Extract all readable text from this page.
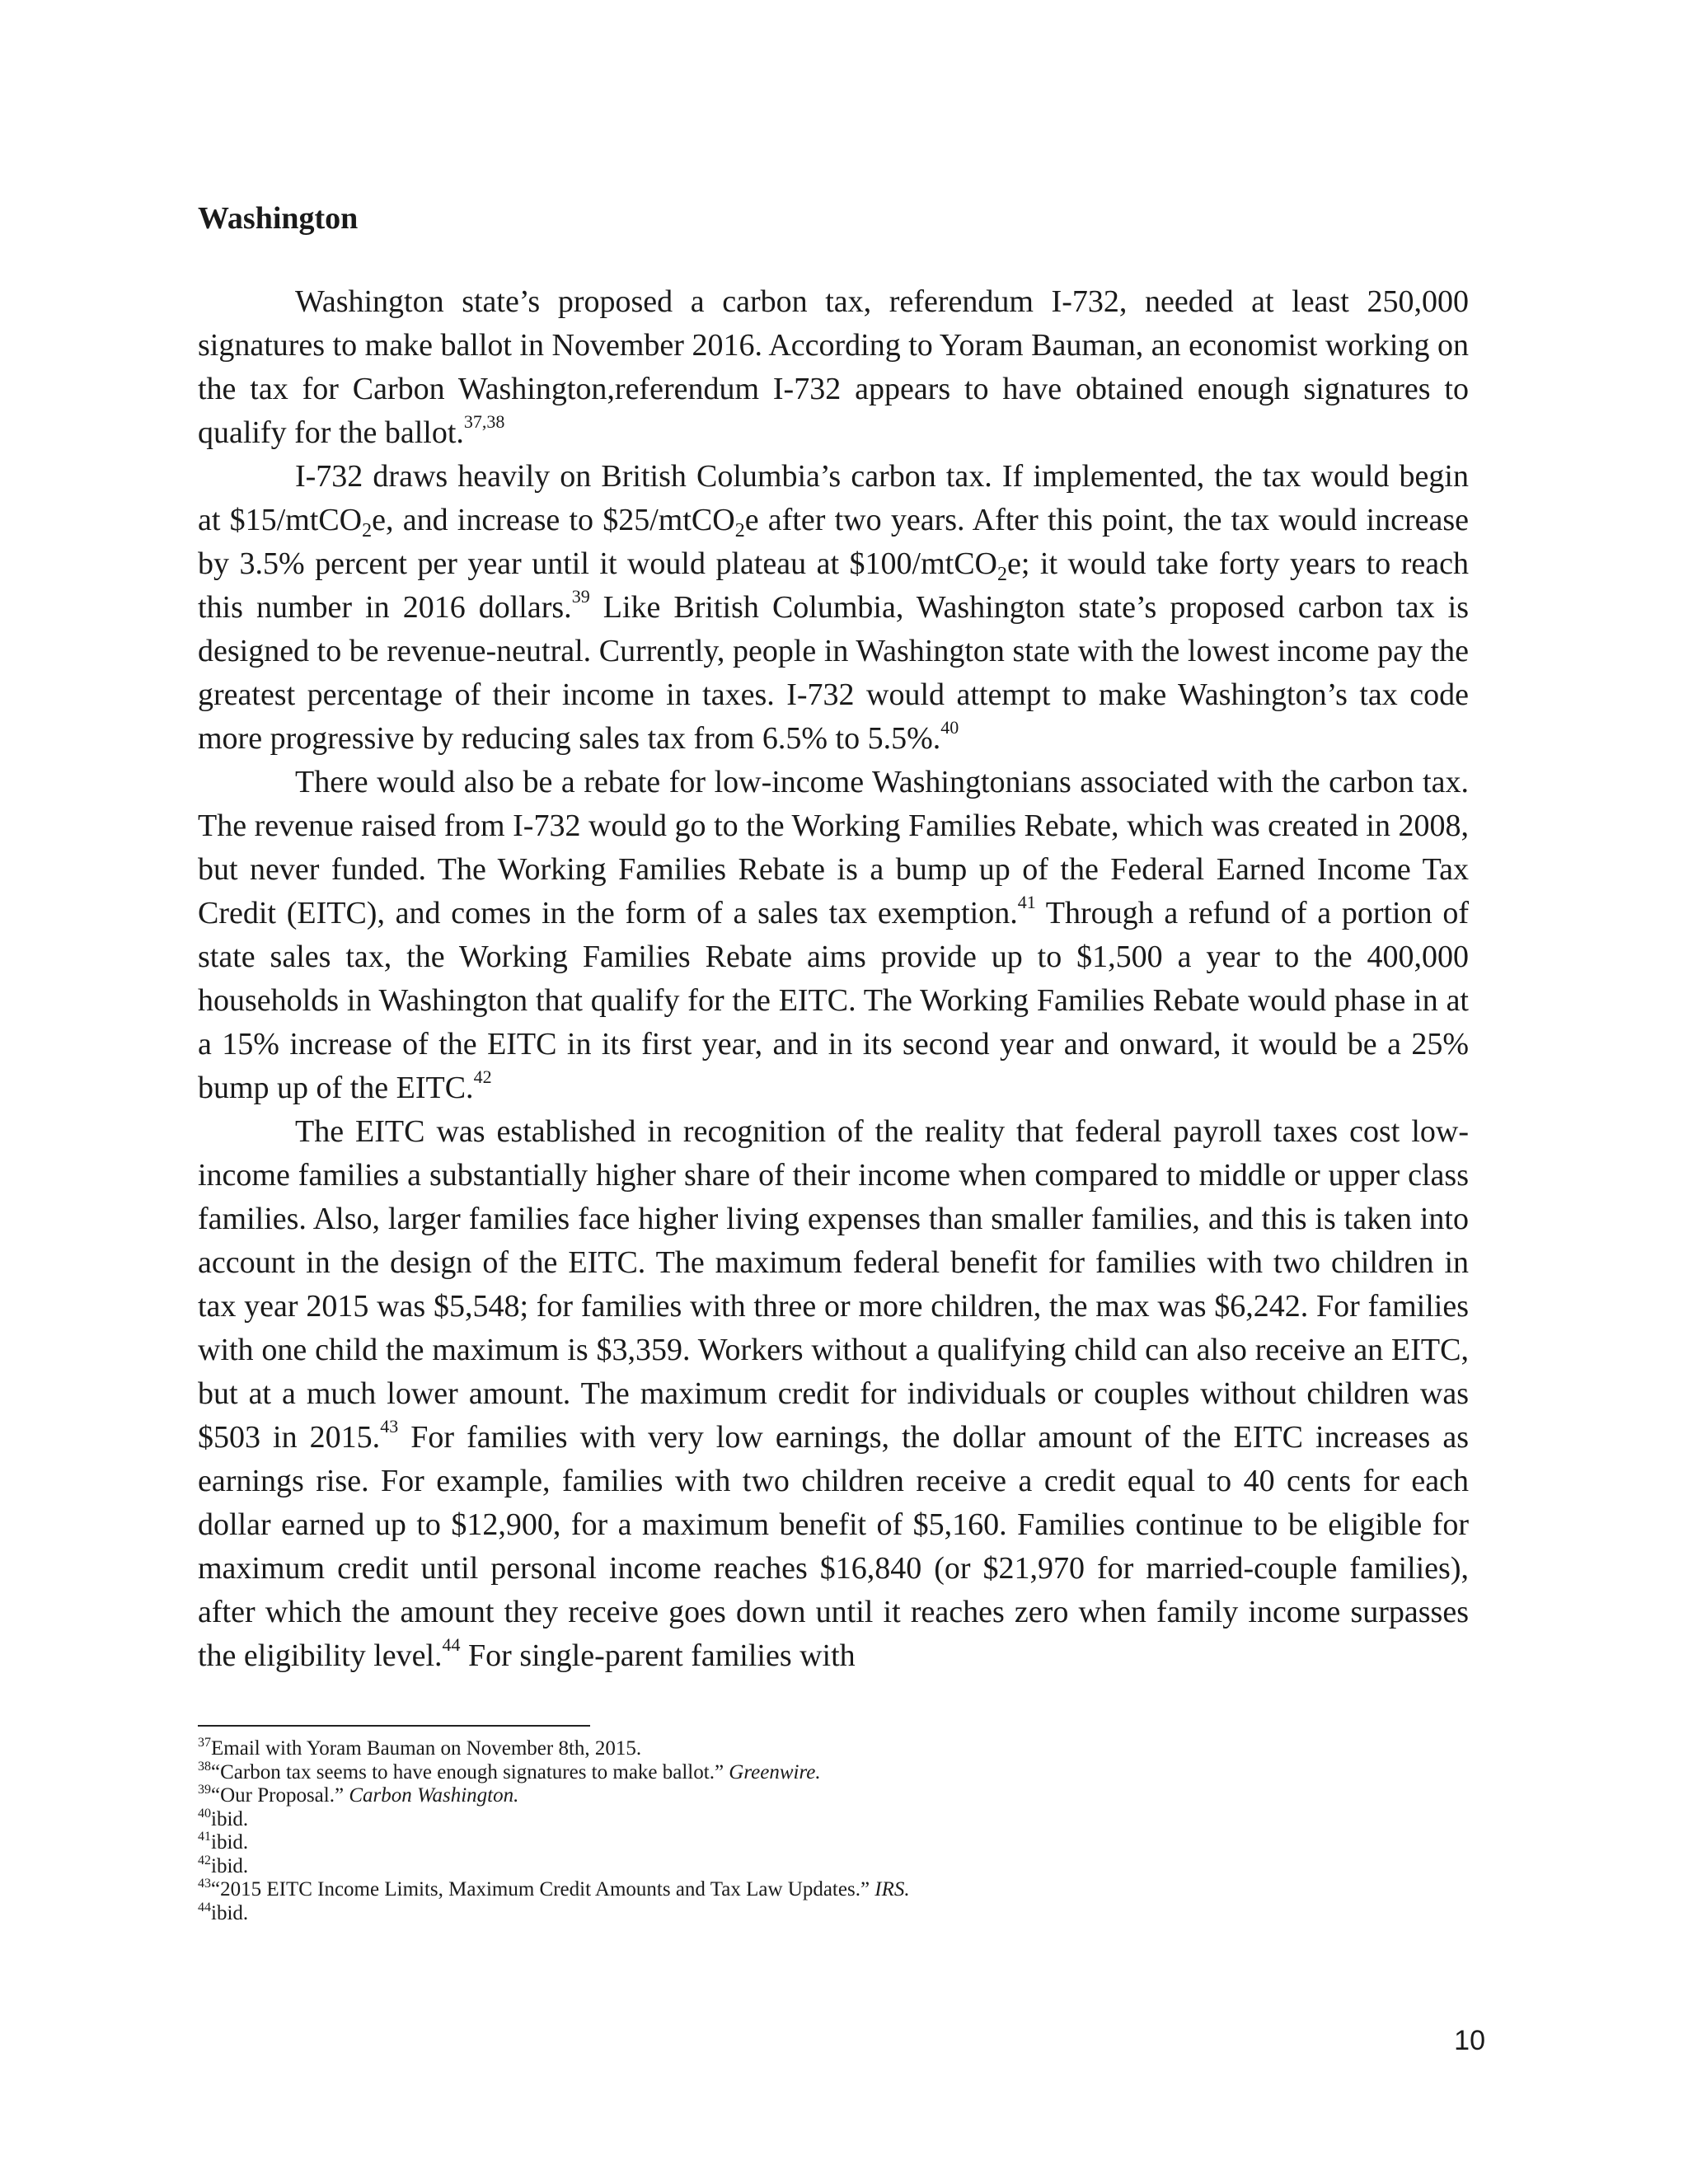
Washington

Washington state’s proposed a carbon tax, referendum I-732, needed at least 250,000 signatures to make ballot in November 2016. According to Yoram Bauman, an economist working on the tax for Carbon Washington,referendum I-732 appears to have obtained enough signatures to qualify for the ballot.$^{37,38}$

I-732 draws heavily on British Columbia’s carbon tax. If implemented, the tax would begin at $15/mtCO$_2$e, and increase to $25/mtCO$_2$e after two years. After this point, the tax would increase by 3.5% percent per year until it would plateau at $100/mtCO$_2$e; it would take forty years to reach this number in 2016 dollars.$^{39}$ Like British Columbia, Washington state’s proposed carbon tax is designed to be revenue-neutral. Currently, people in Washington state with the lowest income pay the greatest percentage of their income in taxes. I-732 would attempt to make Washington’s tax code more progressive by reducing sales tax from 6.5% to 5.5%.$^{40}$

There would also be a rebate for low-income Washingtonians associated with the carbon tax. The revenue raised from I-732 would go to the Working Families Rebate, which was created in 2008, but never funded. The Working Families Rebate is a bump up of the Federal Earned Income Tax Credit (EITC), and comes in the form of a sales tax exemption.$^{41}$ Through a refund of a portion of state sales tax, the Working Families Rebate aims provide up to $1,500 a year to the 400,000 households in Washington that qualify for the EITC. The Working Families Rebate would phase in at a 15% increase of the EITC in its first year, and in its second year and onward, it would be a 25% bump up of the EITC.$^{42}$

The EITC was established in recognition of the reality that federal payroll taxes cost low-income families a substantially higher share of their income when compared to middle or upper class families. Also, larger families face higher living expenses than smaller families, and this is taken into account in the design of the EITC. The maximum federal benefit for families with two children in tax year 2015 was $5,548; for families with three or more children, the max was $6,242. For families with one child the maximum is $3,359. Workers without a qualifying child can also receive an EITC, but at a much lower amount. The maximum credit for individuals or couples without children was $503 in 2015.43 For families with very low earnings, the dollar amount of the EITC increases as earnings rise. For example, families with two children receive a credit equal to 40 cents for each dollar earned up to $12,900, for a maximum benefit of $5,160. Families continue to be eligible for maximum credit until personal income reaches $16,840 (or $21,970 for married-couple families), after which the amount they receive goes down until it reaches zero when family income surpasses the eligibility level.$^{44}$ For single-parent families with

$^{37}$Email with Yoram Bauman on November 8th, 2015.
$^{38}$“Carbon tax seems to have enough signatures to make ballot.” Greenwire.
$^{39}$“Our Proposal.” Carbon Washington.
$^{40}$ibid.
$^{41}$ibid.
$^{42}$ibid.
$^{43}$“2015 EITC Income Limits, Maximum Credit Amounts and Tax Law Updates.” IRS.
$^{44}$ibid.
10
